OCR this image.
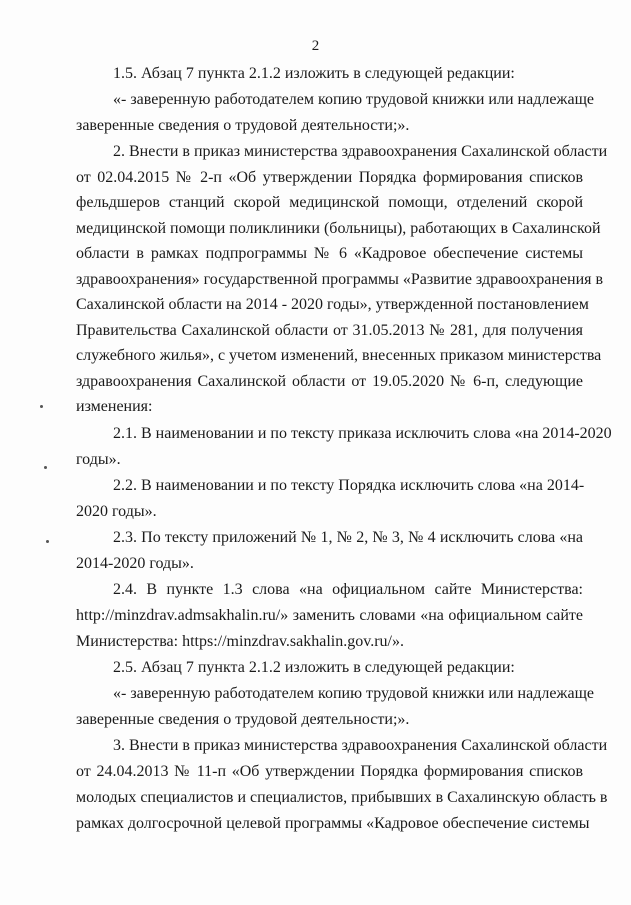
2
1.5. Абзац 7 пункта 2.1.2 изложить в следующей редакции:
«- заверенную работодателем копию трудовой книжки или надлежаще
заверенные сведения о трудовой деятельности;».
2. Внести в приказ министерства здравоохранения Сахалинской области
от 02.04.2015 № 2-п «Об утверждении Порядка формирования списков
фельдшеров станций скорой медицинской помощи, отделений скорой
медицинской помощи поликлиники (больницы), работающих в Сахалинской
области в рамках подпрограммы № 6 «Кадровое обеспечение системы
здравоохранения» государственной программы «Развитие здравоохранения в
Сахалинской области на 2014 - 2020 годы», утвержденной постановлением
Правительства Сахалинской области от 31.05.2013 № 281, для получения
служебного жилья», с учетом изменений, внесенных приказом министерства
здравоохранения Сахалинской области от 19.05.2020 № 6-п, следующие
изменения:
2.1. В наименовании и по тексту приказа исключить слова «на 2014-2020
годы».
2.2. В наименовании и по тексту Порядка исключить слова «на 2014-
2020 годы».
2.3. По тексту приложений № 1, № 2, № 3, № 4 исключить слова «на
2014-2020 годы».
2.4. В пункте 1.3 слова «на официальном сайте Министерства:
http://minzdrav.admsakhalin.ru/» заменить словами «на официальном сайте
Министерства: https://minzdrav.sakhalin.gov.ru/».
2.5. Абзац 7 пункта 2.1.2 изложить в следующей редакции:
«- заверенную работодателем копию трудовой книжки или надлежаще
заверенные сведения о трудовой деятельности;».
3. Внести в приказ министерства здравоохранения Сахалинской области
от 24.04.2013 № 11-п «Об утверждении Порядка формирования списков
молодых специалистов и специалистов, прибывших в Сахалинскую область в
рамках долгосрочной целевой программы «Кадровое обеспечение системы
